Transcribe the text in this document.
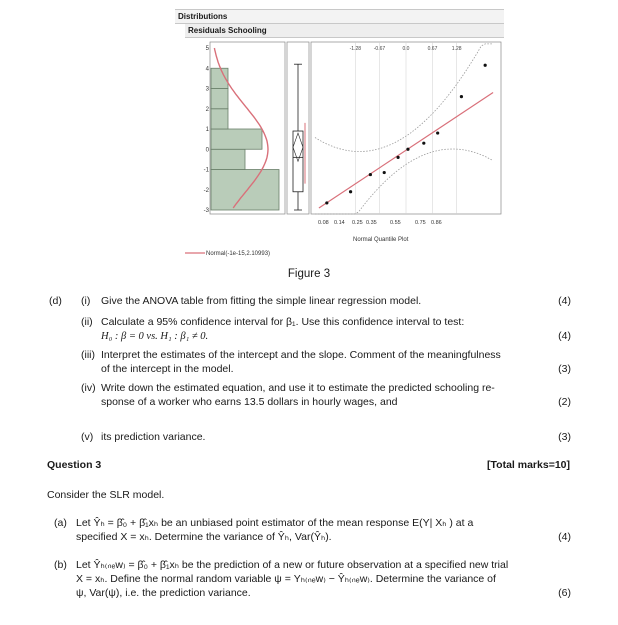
Distributions
Residuals Schooling
5
4
3
2
1
0
-1
-2
-3
-1.28	-0.67	0.0	0.67	1.28
0.08 0.14 0.25 0.35 0.55	0.75 0.86
Normal Quantile Plot
Normal(-1e-15,2.10993)
Figure 3
(d) (i) Give the ANOVA table from fitting the simple linear regression model.	(4)
(ii) Calculate a 95% confidence interval for β₁. Use this confidence interval to test:
H₀ : β = 0 vs. H₁ : β₁ ≠ 0.	(4)
(iii) Interpret the estimates of the intercept and the slope. Comment of the meaningfulness
of the intercept in the model.	(3)
(iv) Write down the estimated equation, and use it to estimate the predicted schooling re-
sponse of a worker who earns 13.5 dollars in hourly wages, and	(2)
(v) its prediction variance.	(3)
Question 3	[Total marks=10]
Consider the SLR model.
(a) Let Ŷₕ = β̂₀ + β̂₁xₕ be an unbiased point estimator of the mean response E(Y| Xₕ ) at a
specified X = xₕ. Determine the variance of Ŷₕ, Var(Ŷₕ).	(4)
(b) Let Ŷₕ₍ₙₑw₎ = β̂₀ + β̂₁xₕ be the prediction of a new or future observation at a specified new trial
X = xₕ. Define the normal random variable ψ = Yₕ₍ₙₑw₎ − Ŷₕ₍ₙₑw₎. Determine the variance of
ψ, Var(ψ), i.e. the prediction variance.	(6)
